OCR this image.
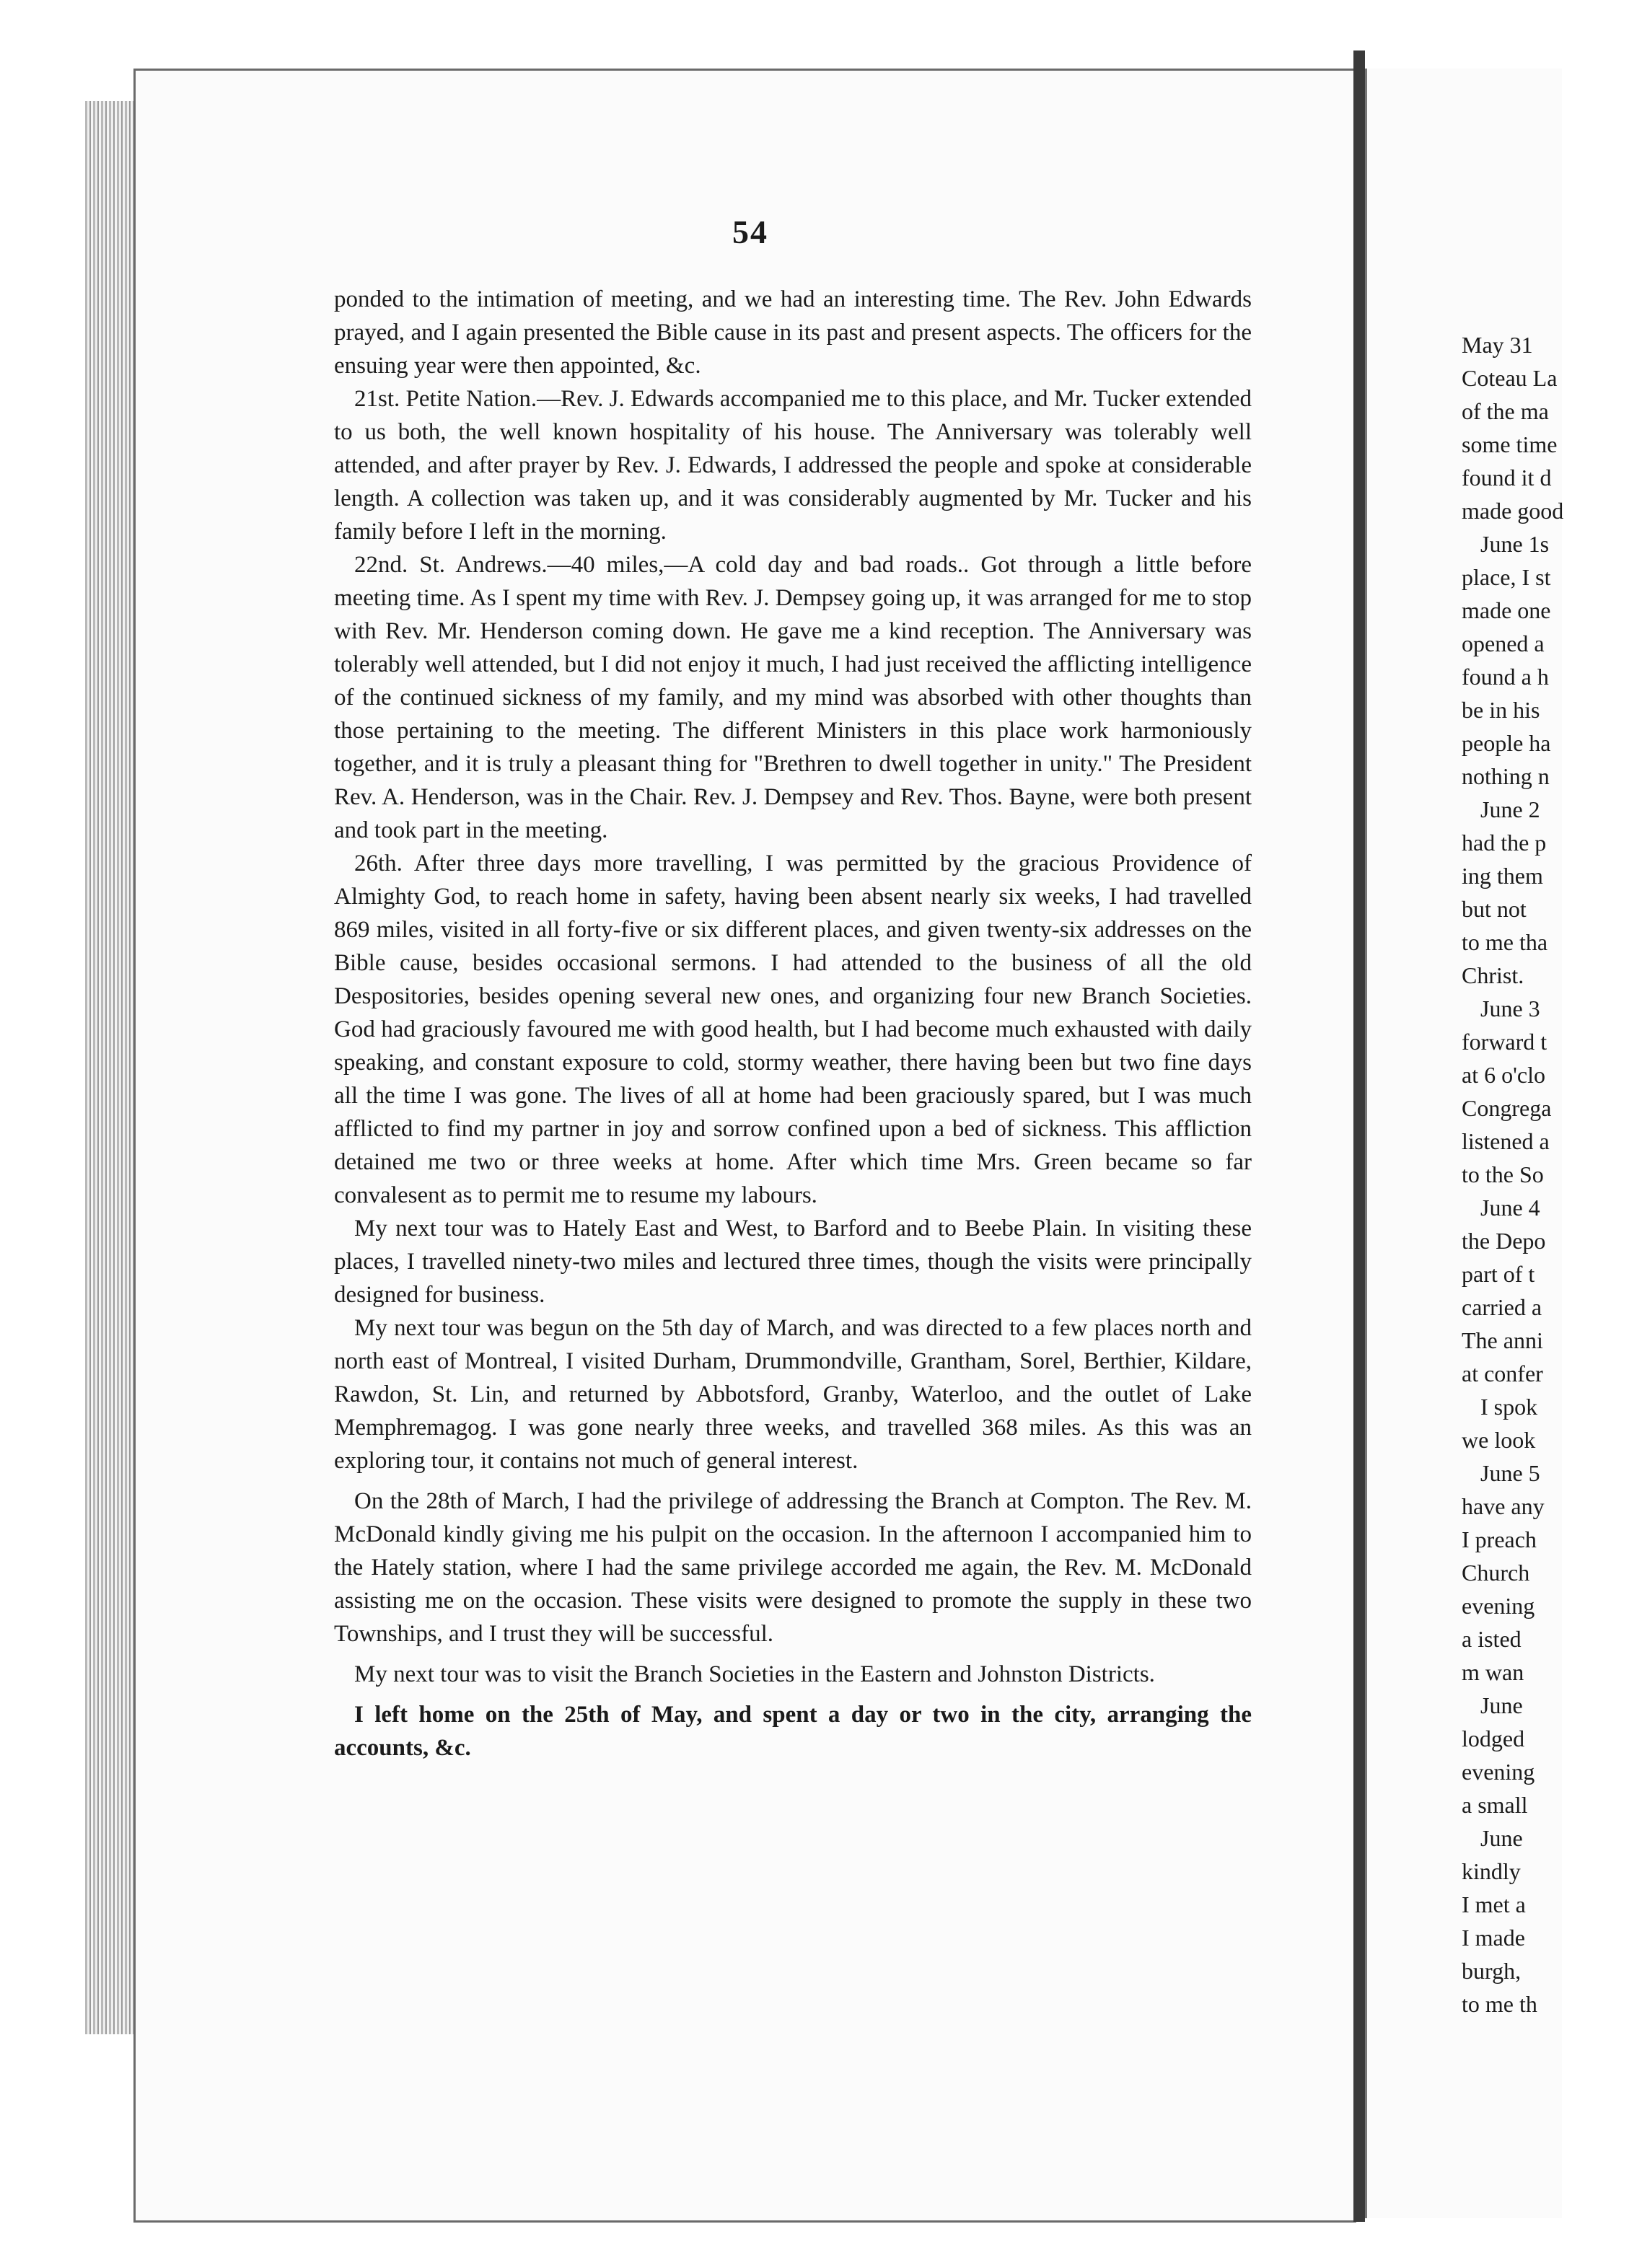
54

ponded to the intimation of meeting, and we had an interesting time. The Rev. John Edwards prayed, and I again presented the Bible cause in its past and present aspects. The officers for the ensuing year were then appointed, &c.

21st. Petite Nation.—Rev. J. Edwards accompanied me to this place, and Mr. Tucker extended to us both, the well known hospitality of his house. The Anniversary was tolerably well attended, and after prayer by Rev. J. Edwards, I addressed the people and spoke at considerable length. A collection was taken up, and it was considerably augmented by Mr. Tucker and his family before I left in the morning.

22nd. St. Andrews.—40 miles,—A cold day and bad roads.. Got through a little before meeting time. As I spent my time with Rev. J. Dempsey going up, it was arranged for me to stop with Rev. Mr. Henderson coming down. He gave me a kind reception. The Anniversary was tolerably well attended, but I did not enjoy it much, I had just received the afflicting intelligence of the continued sickness of my family, and my mind was absorbed with other thoughts than those pertaining to the meeting. The different Ministers in this place work harmoniously together, and it is truly a pleasant thing for "Brethren to dwell together in unity." The President Rev. A. Henderson, was in the Chair. Rev. J. Dempsey and Rev. Thos. Bayne, were both present and took part in the meeting.

26th. After three days more travelling, I was permitted by the gracious Providence of Almighty God, to reach home in safety, having been absent nearly six weeks, I had travelled 869 miles, visited in all forty-five or six different places, and given twenty-six addresses on the Bible cause, besides occasional sermons. I had attended to the business of all the old Despositories, besides opening several new ones, and organizing four new Branch Societies. God had graciously favoured me with good health, but I had become much exhausted with daily speaking, and constant exposure to cold, stormy weather, there having been but two fine days all the time I was gone. The lives of all at home had been graciously spared, but I was much afflicted to find my partner in joy and sorrow confined upon a bed of sickness. This affliction detained me two or three weeks at home. After which time Mrs. Green became so far convalesent as to permit me to resume my labours.

My next tour was to Hately East and West, to Barford and to Beebe Plain. In visiting these places, I travelled ninety-two miles and lectured three times, though the visits were principally designed for business.

My next tour was begun on the 5th day of March, and was directed to a few places north and north east of Montreal, I visited Durham, Drummondville, Grantham, Sorel, Berthier, Kildare, Rawdon, St. Lin, and returned by Abbotsford, Granby, Waterloo, and the outlet of Lake Memphremagog. I was gone nearly three weeks, and travelled 368 miles. As this was an exploring tour, it contains not much of general interest.

On the 28th of March, I had the privilege of addressing the Branch at Compton. The Rev. M. McDonald kindly giving me his pulpit on the occasion. In the afternoon I accompanied him to the Hately station, where I had the same privilege accorded me again, the Rev. M. McDonald assisting me on the occasion. These visits were designed to promote the supply in these two Townships, and I trust they will be successful.

My next tour was to visit the Branch Societies in the Eastern and Johnston Districts.

I left home on the 25th of May, and spent a day or two in the city, arranging the accounts, &c.

May 31
Coteau La
of the ma
some time
found it d
made good
June 1s
place, I st
made one
opened a
found a h
be in his
people ha
nothing n
June 2
had the p
ing them
but not
to me tha
Christ.
June 3
forward t
at 6 o'clo
Congrega
listened a
to the So
June 4
the Depo
part of t
carried a
The anni
at confer
I spok
we look
June 5
have any
I preach
Church
evening
a isted
m wan
June
lodged
evening
a small
June
kindly
I met a
I made
burgh,
to me th
